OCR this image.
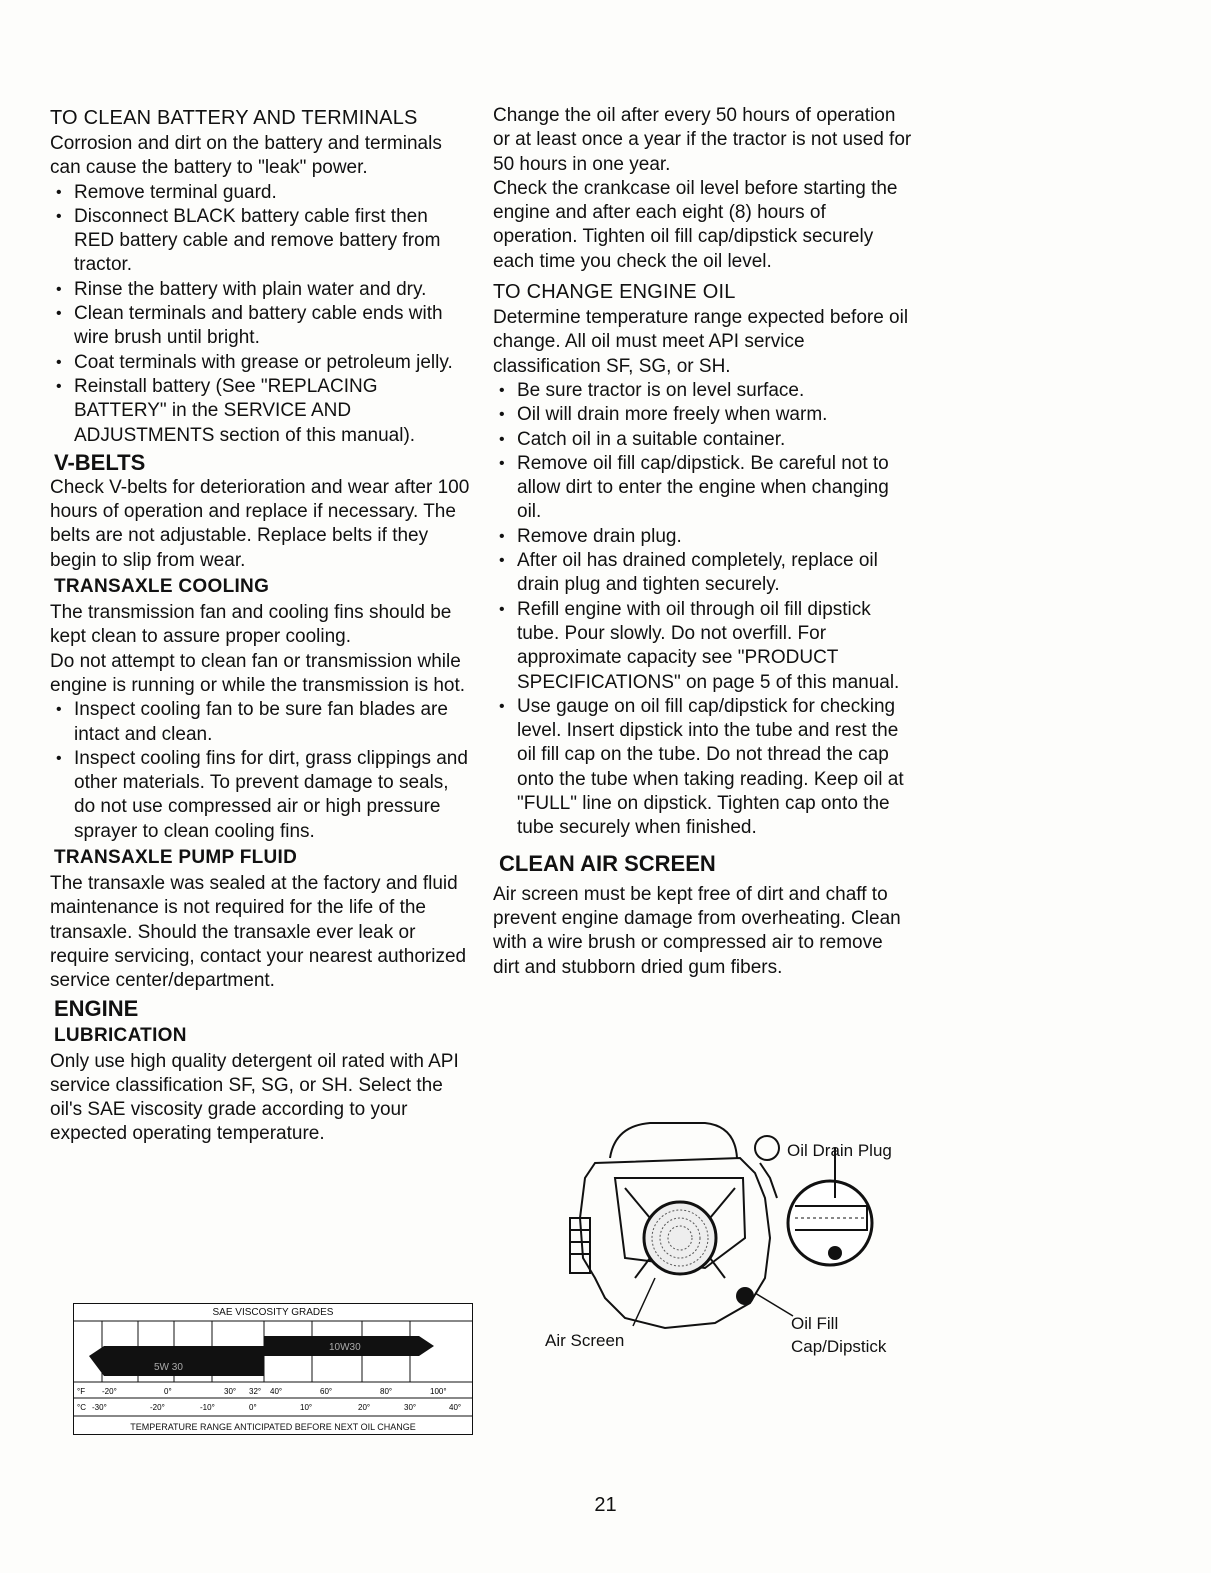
TO CLEAN BATTERY AND TERMINALS

Corrosion and dirt on the battery and terminals can cause the battery to "leak" power.

• Remove terminal guard.
• Disconnect BLACK battery cable first then RED battery cable and remove battery from tractor.
• Rinse the battery with plain water and dry.
• Clean terminals and battery cable ends with wire brush until bright.
• Coat terminals with grease or petroleum jelly.
• Reinstall battery (See "REPLACING BATTERY" in the SERVICE AND ADJUSTMENTS section of this manual).
V-BELTS

Check V-belts for deterioration and wear after 100 hours of operation and replace if necessary. The belts are not adjustable. Replace belts if they begin to slip from wear.

TRANSAXLE COOLING

The transmission fan and cooling fins should be kept clean to assure proper cooling.

Do not attempt to clean fan or transmission while engine is running or while the transmission is hot.

• Inspect cooling fan to be sure fan blades are intact and clean.
• Inspect cooling fins for dirt, grass clippings and other materials. To prevent damage to seals, do not use compressed air or high pressure sprayer to clean cooling fins.
TRANSAXLE PUMP FLUID

The transaxle was sealed at the factory and fluid maintenance is not required for the life of the transaxle. Should the transaxle ever leak or require servicing, contact your nearest authorized service center/department.

ENGINE
LUBRICATION

Only use high quality detergent oil rated with API service classification SF, SG, or SH. Select the oil's SAE viscosity grade according to your expected operating temperature.

Change the oil after every 50 hours of operation or at least once a year if the tractor is not used for 50 hours in one year.

Check the crankcase oil level before starting the engine and after each eight (8) hours of operation. Tighten oil fill cap/dipstick securely each time you check the oil level.

TO CHANGE ENGINE OIL

Determine temperature range expected before oil change. All oil must meet API service classification SF, SG, or SH.

• Be sure tractor is on level surface.
• Oil will drain more freely when warm.
• Catch oil in a suitable container.
• Remove oil fill cap/dipstick. Be careful not to allow dirt to enter the engine when changing oil.
• Remove drain plug.
• After oil has drained completely, replace oil drain plug and tighten securely.
• Refill engine with oil through oil fill dipstick tube. Pour slowly. Do not overfill. For approximate capacity see "PRODUCT SPECIFICATIONS" on page 5 of this manual.
• Use gauge on oil fill cap/dipstick for checking level. Insert dipstick into the tube and rest the oil fill cap on the tube. Do not thread the cap onto the tube when taking reading. Keep oil at "FULL" line on dipstick. Tighten cap onto the tube securely when finished.
CLEAN AIR SCREEN

Air screen must be kept free of dirt and chaff to prevent engine damage from overheating. Clean with a wire brush or compressed air to remove dirt and stubborn dried gum fibers.

SAE VISCOSITY GRADES
10W30
5W 30
°F -20°	0°	30° 32° 40°	60°	80°	100°
°C -30°	-20°	-10°	0°	10°	20°	30°	40°
TEMPERATURE RANGE ANTICIPATED BEFORE NEXT OIL CHANGE
Oil Drain Plug
Air Screen
Oil Fill
Cap/Dipstick
21
